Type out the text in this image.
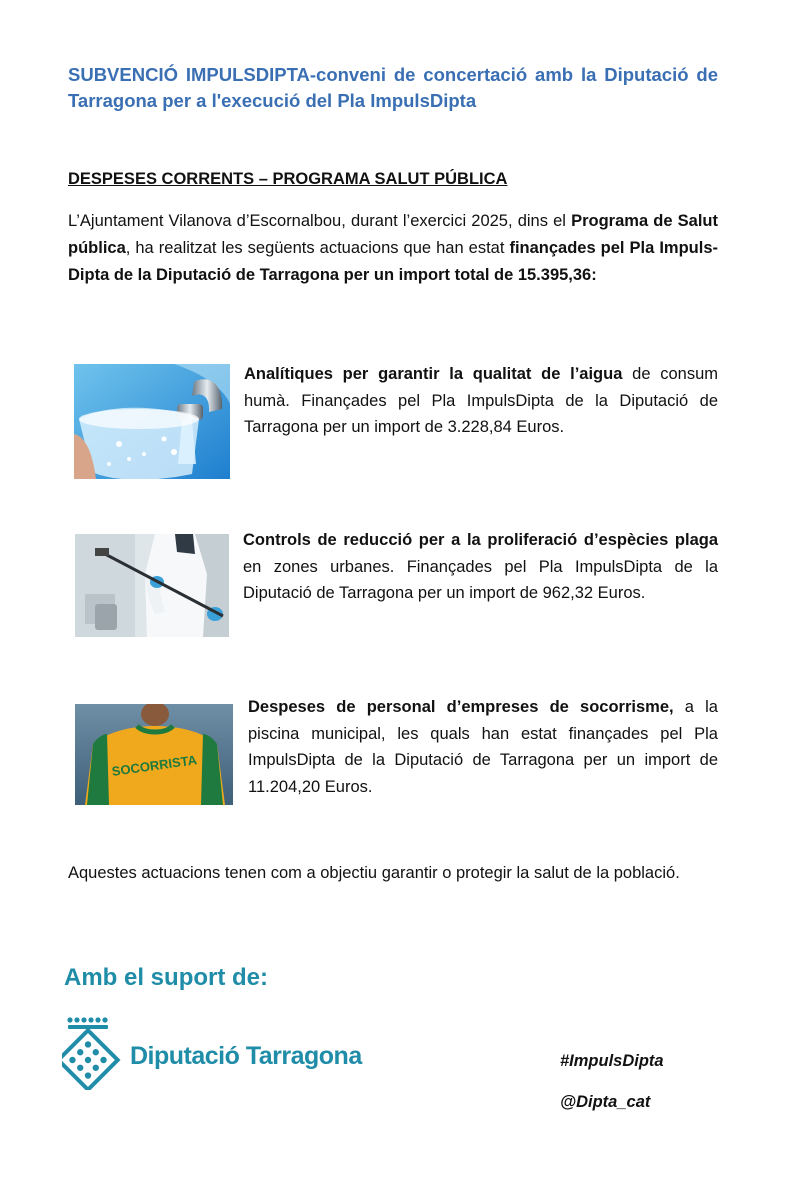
SUBVENCIÓ IMPULSDIPTA-conveni de concertació amb la Diputació de Tarragona per a l'execució del Pla ImpulsDipta
DESPESES CORRENTS – PROGRAMA SALUT PÚBLICA
L’Ajuntament Vilanova d’Escornalbou, durant l’exercici 2025, dins el Programa de Salut pública, ha realitzat les següents actuacions que han estat finançades pel Pla Impuls-Dipta de la Diputació de Tarragona per un import total de 15.395,36:
Analítiques per garantir la qualitat de l’aigua de consum humà. Finançades pel Pla ImpulsDipta de la Diputació de Tarragona per un import de 3.228,84 Euros.
Controls de reducció per a la proliferació d’espècies plaga en zones urbanes. Finançades pel Pla ImpulsDipta de la Diputació de Tarragona per un import de 962,32 Euros.
SOCORRISTA
Despeses de personal d’empreses de socorrisme, a la piscina municipal, les quals han estat finançades pel Pla ImpulsDipta de la Diputació de Tarragona per un import de 11.204,20 Euros.
Aquestes actuacions tenen com a objectiu garantir o protegir la salut de la població.
Amb el suport de:
Diputació Tarragona	#ImpulsDipta
@Dipta_cat
